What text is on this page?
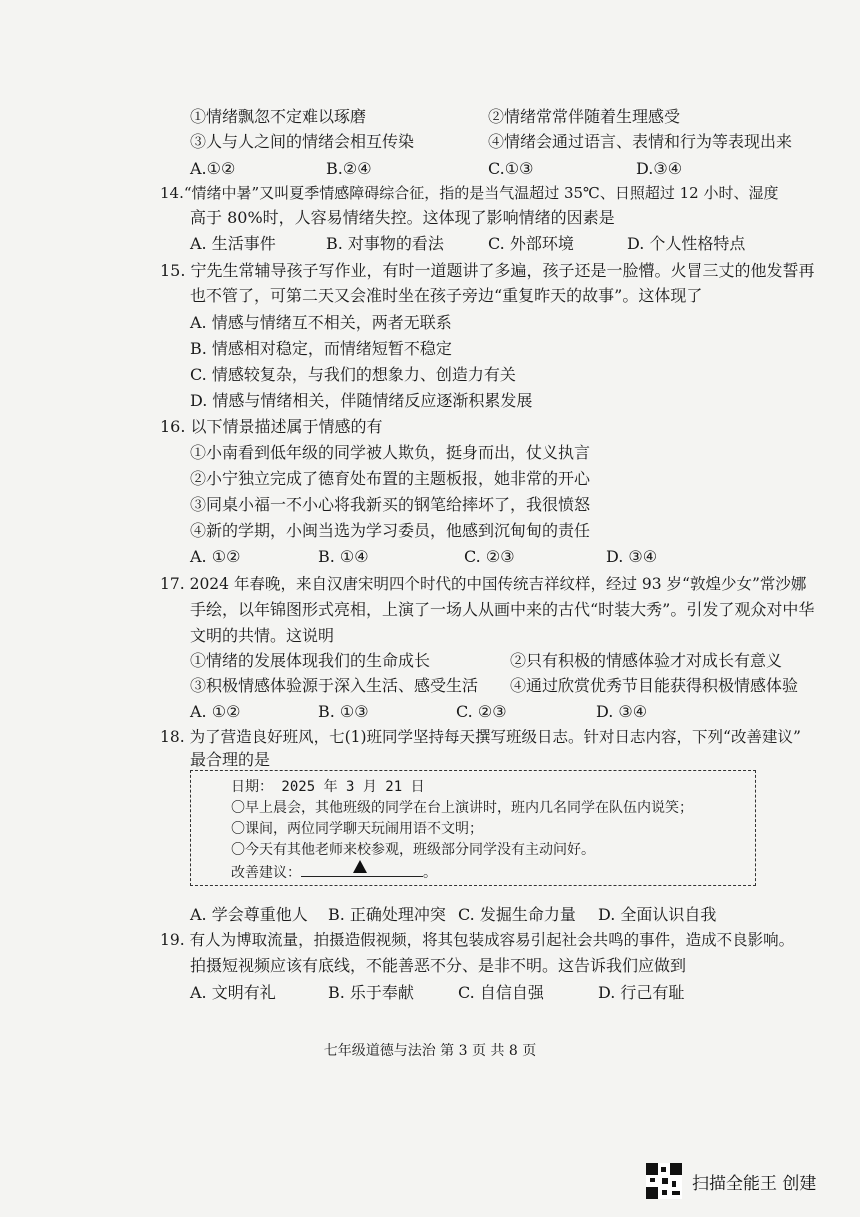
①情绪飘忽不定难以琢磨	②情绪常常伴随着生理感受
③人与人之间的情绪会相互传染	④情绪会通过语言、表情和行为等表现出来
A.①②	B.②④	C.①③	D.③④
14.“情绪中暑”又叫夏季情感障碍综合征，指的是当气温超过 35℃、日照超过 12 小时、湿度
高于 80%时，人容易情绪失控。这体现了影响情绪的因素是
A. 生活事件	B. 对事物的看法	C. 外部环境	D. 个人性格特点
15. 宁先生常辅导孩子写作业，有时一道题讲了多遍，孩子还是一脸懵。火冒三丈的他发誓再
也不管了，可第二天又会准时坐在孩子旁边“重复昨天的故事”。这体现了
A. 情感与情绪互不相关，两者无联系
B. 情感相对稳定，而情绪短暂不稳定
C. 情感较复杂，与我们的想象力、创造力有关
D. 情感与情绪相关，伴随情绪反应逐渐积累发展
16. 以下情景描述属于情感的有
①小南看到低年级的同学被人欺负，挺身而出，仗义执言
②小宁独立完成了德育处布置的主题板报，她非常的开心
③同桌小福一不小心将我新买的钢笔给摔坏了，我很愤怒
④新的学期，小闽当选为学习委员，他感到沉甸甸的责任
A. ①②	B. ①④	C. ②③	D. ③④
17. 2024 年春晚，来自汉唐宋明四个时代的中国传统吉祥纹样，经过 93 岁“敦煌少女”常沙娜
手绘，以年锦图形式亮相，上演了一场人从画中来的古代“时装大秀”。引发了观众对中华
文明的共情。这说明
①情绪的发展体现我们的生命成长	②只有积极的情感体验才对成长有意义
③积极情感体验源于深入生活、感受生活 ④通过欣赏优秀节目能获得积极情感体验
A. ①②	B. ①③	C. ②③	D. ③④
18. 为了营造良好班风，七(1)班同学坚持每天撰写班级日志。针对日志内容，下列“改善建议”
最合理的是
日期： 2025 年 3 月 21 日
〇早上晨会，其他班级的同学在台上演讲时，班内几名同学在队伍内说笑；
〇课间，两位同学聊天玩闹用语不文明；
〇今天有其他老师来校参观，班级部分同学没有主动问好。
改善建议：	。
A. 学会尊重他人 B. 正确处理冲突 C. 发掘生命力量 D. 全面认识自我
19. 有人为博取流量，拍摄造假视频，将其包装成容易引起社会共鸣的事件，造成不良影响。
拍摄短视频应该有底线，不能善恶不分、是非不明。这告诉我们应做到
A. 文明有礼	B. 乐于奉献	C. 自信自强	D. 行己有耻
七年级道德与法治 第 3 页 共 8 页
扫描全能王 创建
